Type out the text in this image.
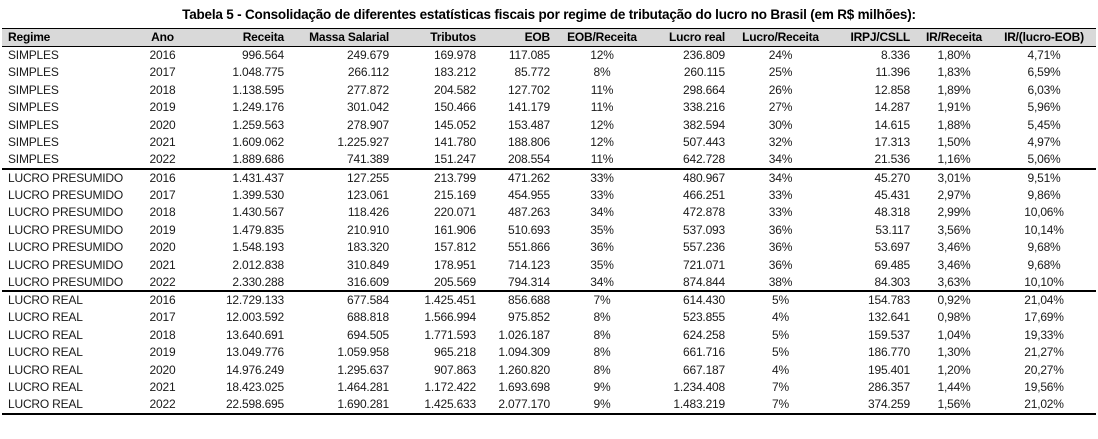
Tabela 5 - Consolidação de diferentes estatísticas fiscais por regime de tributação do lucro no Brasil (em R$ milhões):
Regime	Ano	Receita	Massa Salarial	Tributos	EOB	EOB/Receita	Lucro real	Lucro/Receita	IRPJ/CSLL	IR/Receita	IR/(lucro-EOB)
SIMPLES	2016	996.564	249.679	169.978	117.085	12%	236.809	24%	8.336	1,80%	4,71%
SIMPLES	2017	1.048.775	266.112	183.212	85.772	8%	260.115	25%	11.396	1,83%	6,59%
SIMPLES	2018	1.138.595	277.872	204.582	127.702	11%	298.664	26%	12.858	1,89%	6,03%
SIMPLES	2019	1.249.176	301.042	150.466	141.179	11%	338.216	27%	14.287	1,91%	5,96%
SIMPLES	2020	1.259.563	278.907	145.052	153.487	12%	382.594	30%	14.615	1,88%	5,45%
SIMPLES	2021	1.609.062	1.225.927	141.780	188.806	12%	507.443	32%	17.313	1,50%	4,97%
SIMPLES	2022	1.889.686	741.389	151.247	208.554	11%	642.728	34%	21.536	1,16%	5,06%
LUCRO PRESUMIDO	2016	1.431.437	127.255	213.799	471.262	33%	480.967	34%	45.270	3,01%	9,51%
LUCRO PRESUMIDO	2017	1.399.530	123.061	215.169	454.955	33%	466.251	33%	45.431	2,97%	9,86%
LUCRO PRESUMIDO	2018	1.430.567	118.426	220.071	487.263	34%	472.878	33%	48.318	2,99%	10,06%
LUCRO PRESUMIDO	2019	1.479.835	210.910	161.906	510.693	35%	537.093	36%	53.117	3,56%	10,14%
LUCRO PRESUMIDO	2020	1.548.193	183.320	157.812	551.866	36%	557.236	36%	53.697	3,46%	9,68%
LUCRO PRESUMIDO	2021	2.012.838	310.849	178.951	714.123	35%	721.071	36%	69.485	3,46%	9,68%
LUCRO PRESUMIDO	2022	2.330.288	316.609	205.569	794.314	34%	874.844	38%	84.303	3,63%	10,10%
LUCRO REAL	2016	12.729.133	677.584	1.425.451	856.688	7%	614.430	5%	154.783	0,92%	21,04%
LUCRO REAL	2017	12.003.592	688.818	1.566.994	975.852	8%	523.855	4%	132.641	0,98%	17,69%
LUCRO REAL	2018	13.640.691	694.505	1.771.593	1.026.187	8%	624.258	5%	159.537	1,04%	19,33%
LUCRO REAL	2019	13.049.776	1.059.958	965.218	1.094.309	8%	661.716	5%	186.770	1,30%	21,27%
LUCRO REAL	2020	14.976.249	1.295.637	907.863	1.260.820	8%	667.187	4%	195.401	1,20%	20,27%
LUCRO REAL	2021	18.423.025	1.464.281	1.172.422	1.693.698	9%	1.234.408	7%	286.357	1,44%	19,56%
LUCRO REAL	2022	22.598.695	1.690.281	1.425.633	2.077.170	9%	1.483.219	7%	374.259	1,56%	21,02%
